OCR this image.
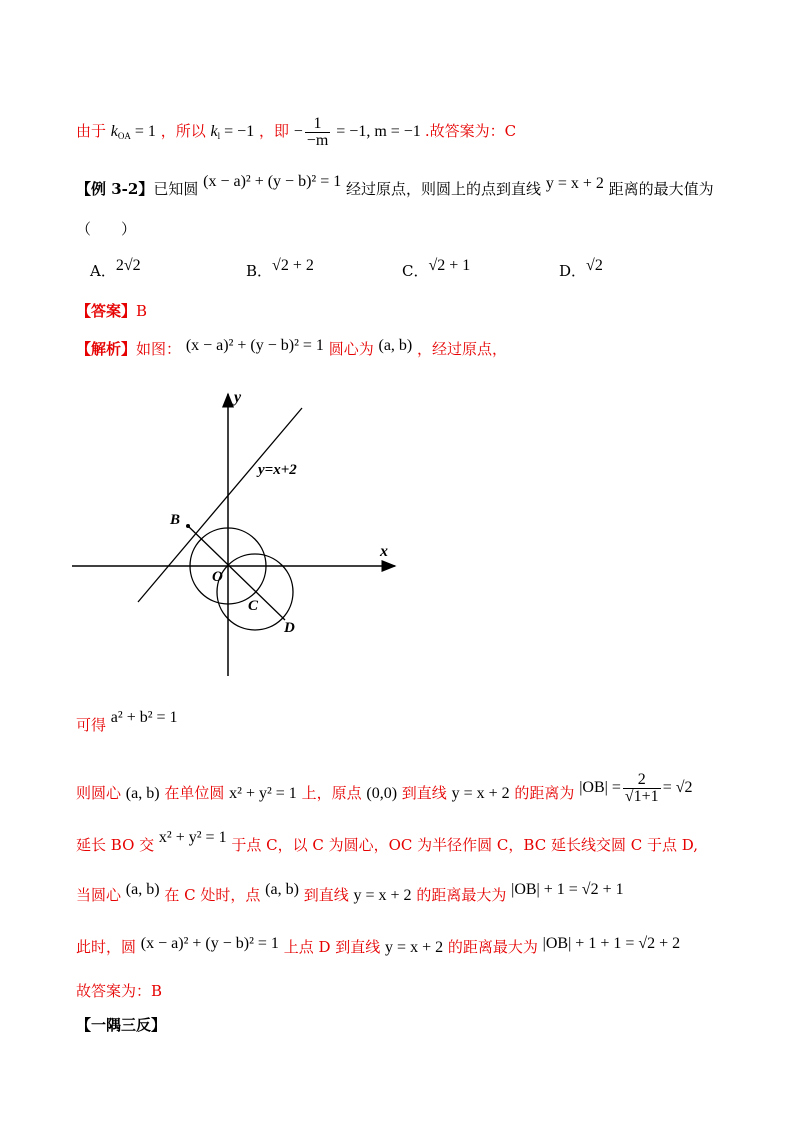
由于 $k_{OA} = 1$ ，所以 $k_l = -1$ ，即 − $\frac{1}{-m} = -1$, m = −1 .故答案为：C
【例 3-2】已知圆 (x − a)² + (y − b)² = 1 经过原点，则圆上的点到直线 y = x + 2 距离的最大值为
（　　）
A．2√2	B．√2 + 2	C．√2 + 1	D．√2
【答案】B
【解析】如图： (x − a)² + (y − b)² = 1 圆心为 (a, b) ，经过原点，
y
x
y=x+2
B
O
C
D
可得 a² + b² = 1
则圆心 (a, b) 在单位圆 x² + y² = 1 上，原点 (0,0) 到直线 y = x + 2 的距离为 $|OB| = \frac{2}{√1+1} = √2$
延长 BO 交 x² + y² = 1 于点 C，以 C 为圆心，OC 为半径作圆 C，BC 延长线交圆 C 于点 D,
当圆心 (a, b) 在 C 处时，点 (a, b) 到直线 y = x + 2 的距离最大为 |OB| + 1 = √2 + 1
此时，圆 (x − a)² + (y − b)² = 1 上点 D 到直线 y = x + 2 的距离最大为 |OB| + 1 + 1 = √2 + 2
故答案为：B
【一隅三反】
